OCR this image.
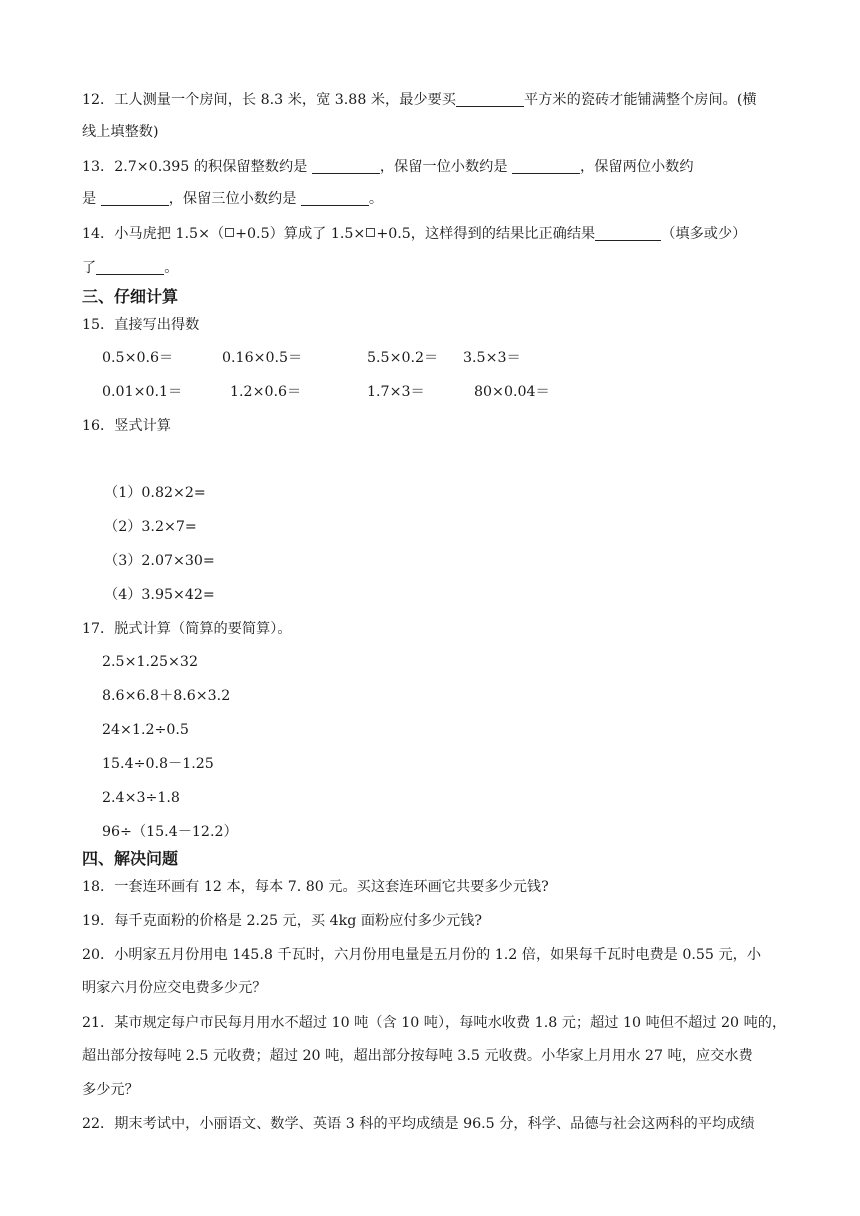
12．工人测量一个房间，长 8.3 米，宽 3.88 米，最少要买	平方米的瓷砖才能铺满整个房间。(横
线上填整数)
13．2.7×0.395 的积保留整数约是	，保留一位小数约是	，保留两位小数约
是	，保留三位小数约是	。
14．小马虎把 1.5×（ +0.5）算成了 1.5× +0.5，这样得到的结果比正确结果	（填多或少）
了	。
三、仔细计算
15．直接写出得数
0.5×0.6＝	0.16×0.5＝	5.5×0.2＝ 3.5×3＝
0.01×0.1＝	1.2×0.6＝	1.7×3＝	80×0.04＝
16．竖式计算
（1）0.82×2=
（2）3.2×7=
（3）2.07×30=
（4）3.95×42=
17．脱式计算（简算的要简算）。
2.5×1.25×32
8.6×6.8＋8.6×3.2
24×1.2÷0.5
15.4÷0.8－1.25
2.4×3÷1.8
96÷（15.4－12.2）
四、解决问题
18．一套连环画有 12 本，每本 7. 80 元。买这套连环画它共要多少元钱?
19．每千克面粉的价格是 2.25 元，买 4kg 面粉应付多少元钱?
20．小明家五月份用电 145.8 千瓦时，六月份用电量是五月份的 1.2 倍，如果每千瓦时电费是 0.55 元，小
明家六月份应交电费多少元？
21．某市规定每户市民每月用水不超过 10 吨（含 10 吨），每吨水收费 1.8 元；超过 10 吨但不超过 20 吨的，
超出部分按每吨 2.5 元收费；超过 20 吨，超出部分按每吨 3.5 元收费。小华家上月用水 27 吨，应交水费
多少元？
22．期末考试中，小丽语文、数学、英语 3 科的平均成绩是 96.5 分，科学、品德与社会这两科的平均成绩
